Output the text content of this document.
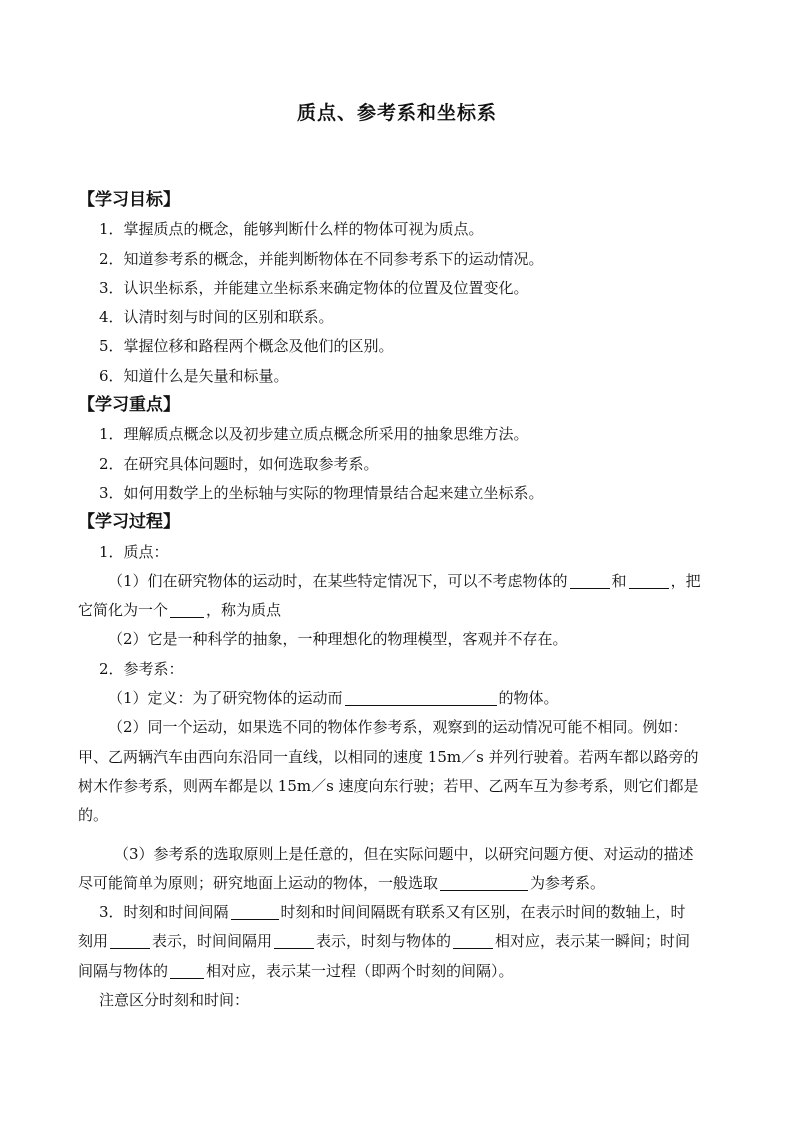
质点、参考系和坐标系
【学习目标】
1．掌握质点的概念，能够判断什么样的物体可视为质点。
2．知道参考系的概念，并能判断物体在不同参考系下的运动情况。
3．认识坐标系，并能建立坐标系来确定物体的位置及位置变化。
4．认清时刻与时间的区别和联系。
5．掌握位移和路程两个概念及他们的区别。
6．知道什么是矢量和标量。
【学习重点】
1．理解质点概念以及初步建立质点概念所采用的抽象思维方法。
2．在研究具体问题时，如何选取参考系。
3．如何用数学上的坐标轴与实际的物理情景结合起来建立坐标系。
【学习过程】
1．质点：
（1）们在研究物体的运动时，在某些特定情况下，可以不考虑物体的	和	，把
它简化为一个	，称为质点
（2）它是一种科学的抽象，一种理想化的物理模型，客观并不存在。
2．参考系：
（1）定义：为了研究物体的运动而	的物体。
（2）同一个运动，如果选不同的物体作参考系，观察到的运动情况可能不相同。例如：
甲、乙两辆汽车由西向东沿同一直线，以相同的速度 15m／s 并列行驶着。若两车都以路旁的
树木作参考系，则两车都是以 15m／s 速度向东行驶；若甲、乙两车互为参考系，则它们都是
的。
（3）参考系的选取原则上是任意的，但在实际问题中，以研究问题方便、对运动的描述
尽可能简单为原则；研究地面上运动的物体，一般选取	为参考系。
3．时刻和时间间隔	时刻和时间间隔既有联系又有区别，在表示时间的数轴上，时
刻用	表示，时间间隔用	表示，时刻与物体的	相对应，表示某一瞬间；时间
间隔与物体的	相对应，表示某一过程（即两个时刻的间隔）。
注意区分时刻和时间：
